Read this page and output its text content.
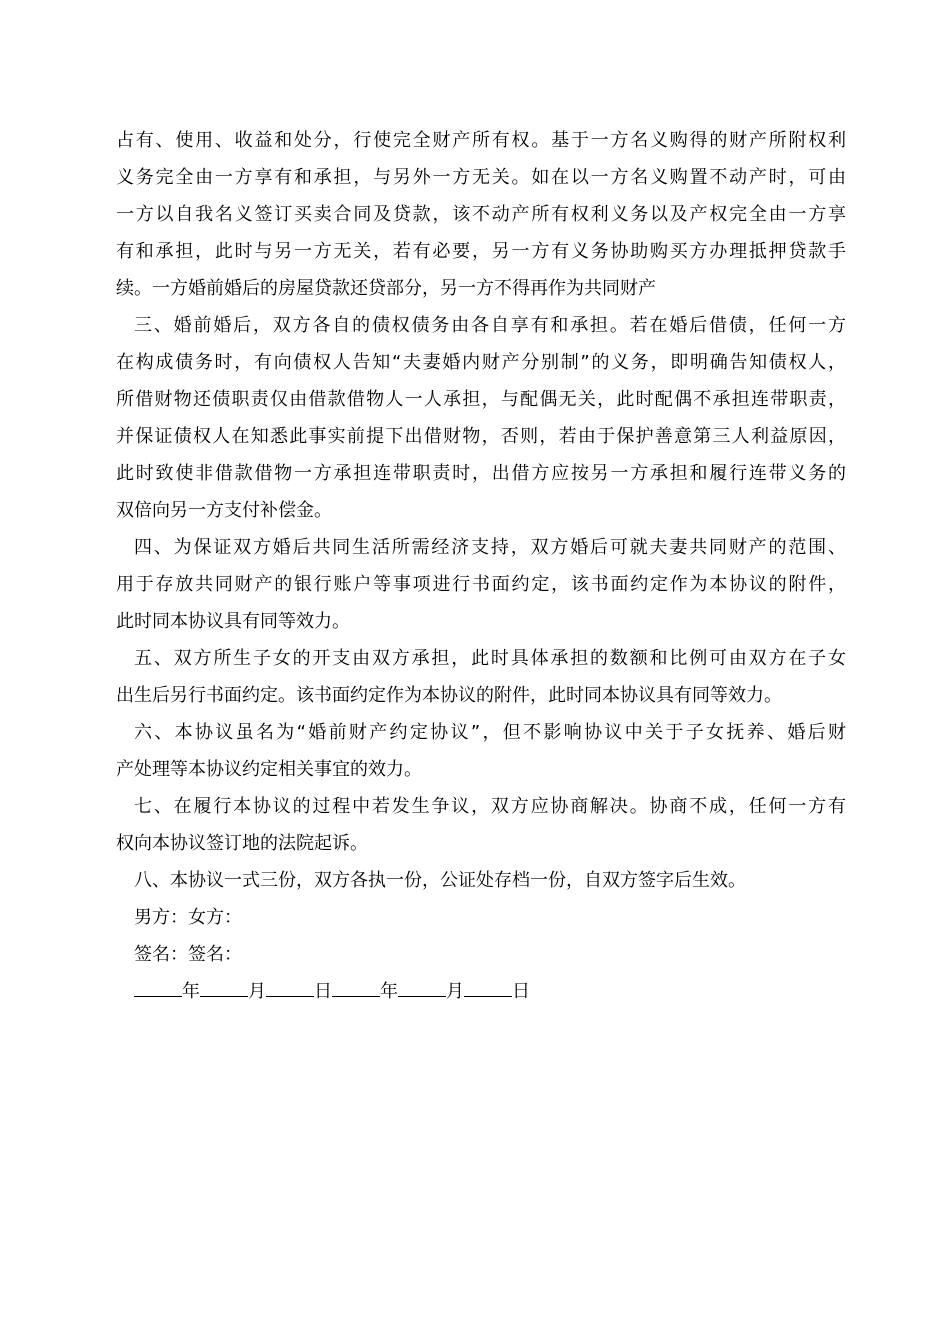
占有、使用、收益和处分，行使完全财产所有权。基于一方名义购得的财产所附权利
义务完全由一方享有和承担，与另外一方无关。如在以一方名义购置不动产时，可由
一方以自我名义签订买卖合同及贷款，该不动产所有权利义务以及产权完全由一方享
有和承担，此时与另一方无关，若有必要，另一方有义务协助购买方办理抵押贷款手
续。一方婚前婚后的房屋贷款还贷部分，另一方不得再作为共同财产
三、婚前婚后，双方各自的债权债务由各自享有和承担。若在婚后借债，任何一方
在构成债务时，有向债权人告知“夫妻婚内财产分别制”的义务，即明确告知债权人，
所借财物还债职责仅由借款借物人一人承担，与配偶无关，此时配偶不承担连带职责，
并保证债权人在知悉此事实前提下出借财物，否则，若由于保护善意第三人利益原因，
此时致使非借款借物一方承担连带职责时，出借方应按另一方承担和履行连带义务的
双倍向另一方支付补偿金。
四、为保证双方婚后共同生活所需经济支持，双方婚后可就夫妻共同财产的范围、
用于存放共同财产的银行账户等事项进行书面约定，该书面约定作为本协议的附件，
此时同本协议具有同等效力。
五、双方所生子女的开支由双方承担，此时具体承担的数额和比例可由双方在子女
出生后另行书面约定。该书面约定作为本协议的附件，此时同本协议具有同等效力。
六、本协议虽名为“婚前财产约定协议”，但不影响协议中关于子女抚养、婚后财
产处理等本协议约定相关事宜的效力。
七、在履行本协议的过程中若发生争议，双方应协商解决。协商不成，任何一方有
权向本协议签订地的法院起诉。
八、本协议一式三份，双方各执一份，公证处存档一份，自双方签字后生效。
男方：女方：
签名：签名：
年	月	日	年	月	日
